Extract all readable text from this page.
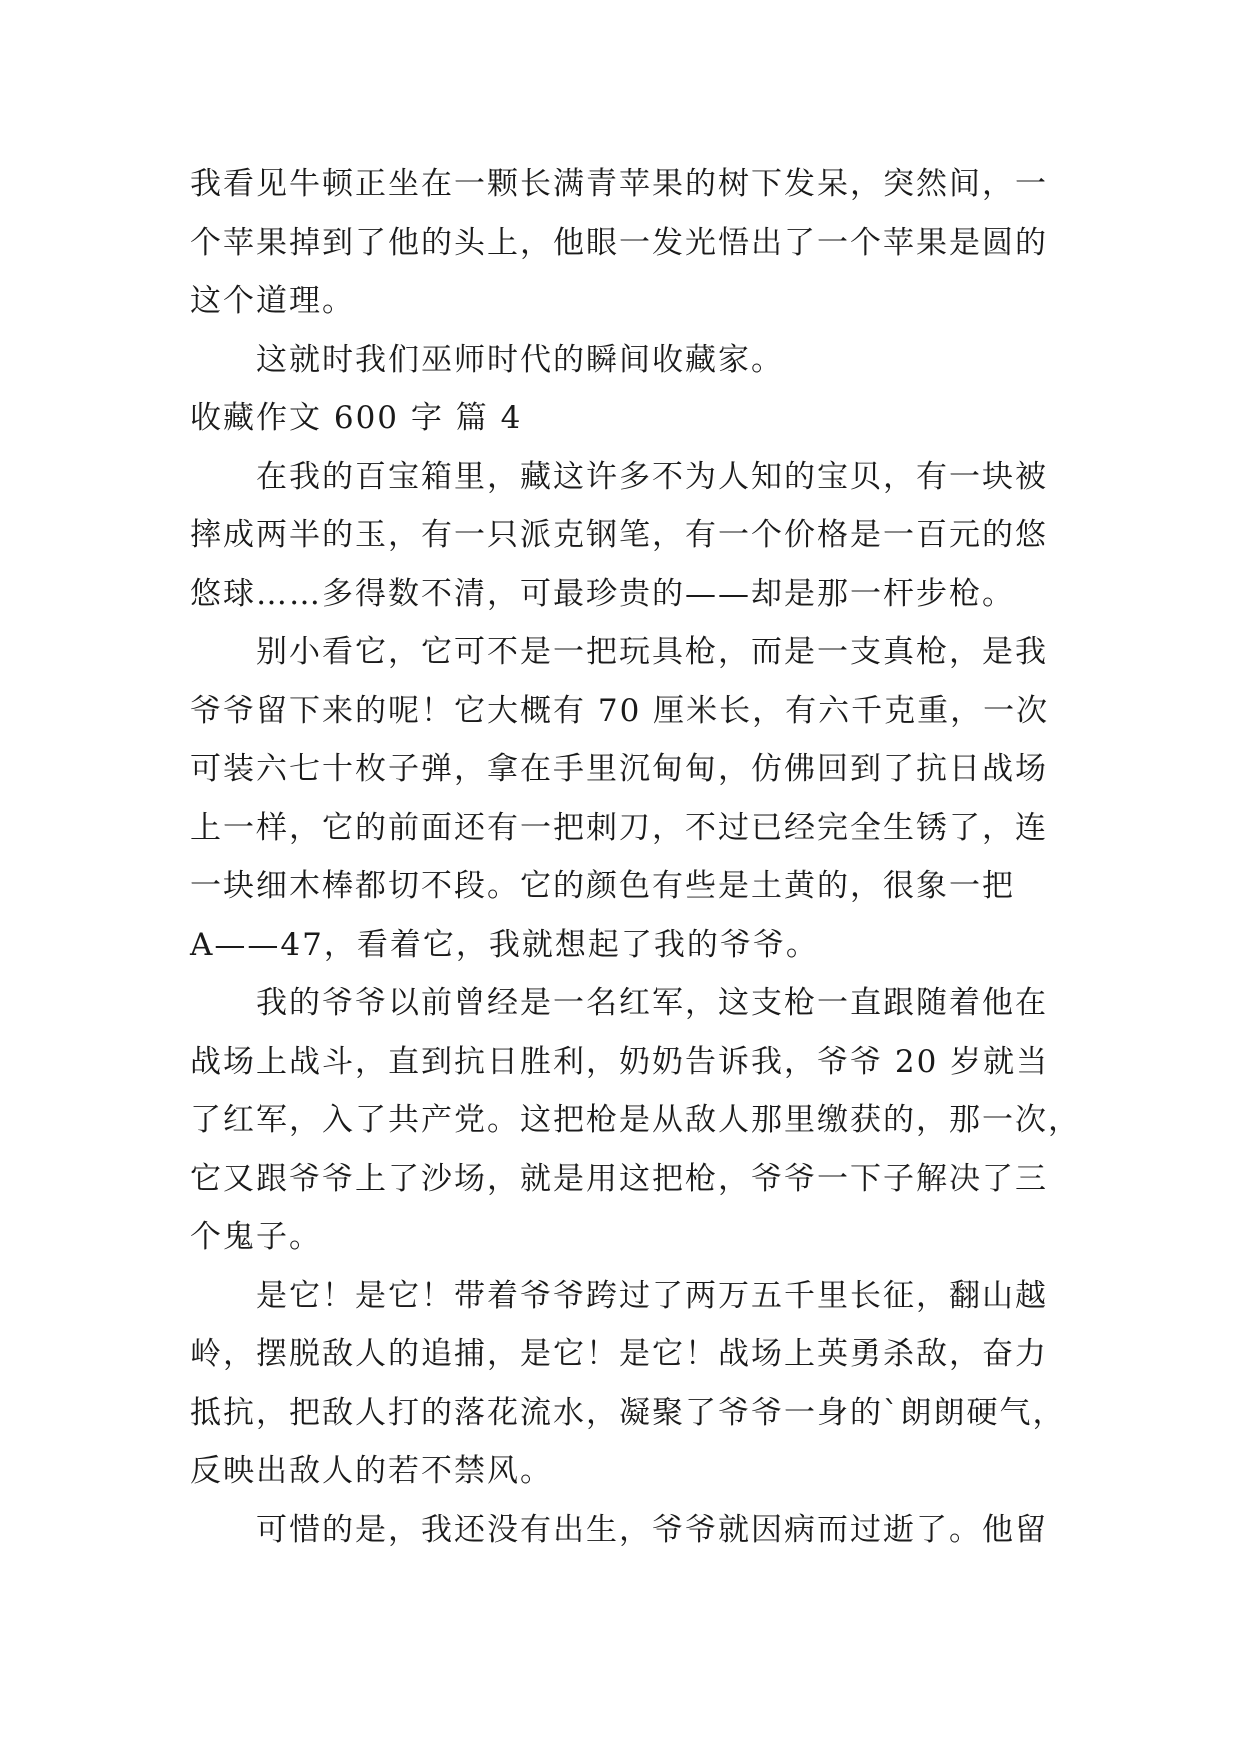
我看见牛顿正坐在一颗长满青苹果的树下发呆，突然间，一
个苹果掉到了他的头上，他眼一发光悟出了一个苹果是圆的
这个道理。

这就时我们巫师时代的瞬间收藏家。

收藏作文 600 字 篇 4

在我的百宝箱里，藏这许多不为人知的宝贝，有一块被
摔成两半的玉，有一只派克钢笔，有一个价格是一百元的悠
悠球……多得数不清，可最珍贵的——却是那一杆步枪。

别小看它，它可不是一把玩具枪，而是一支真枪，是我
爷爷留下来的呢！它大概有 70 厘米长，有六千克重，一次
可装六七十枚子弹，拿在手里沉甸甸，仿佛回到了抗日战场
上一样，它的前面还有一把刺刀，不过已经完全生锈了，连
一块细木棒都切不段。它的颜色有些是土黄的，很象一把
A——47，看着它，我就想起了我的爷爷。

我的爷爷以前曾经是一名红军，这支枪一直跟随着他在
战场上战斗，直到抗日胜利，奶奶告诉我，爷爷 20 岁就当
了红军，入了共产党。这把枪是从敌人那里缴获的，那一次，
它又跟爷爷上了沙场，就是用这把枪，爷爷一下子解决了三
个鬼子。

是它！是它！带着爷爷跨过了两万五千里长征，翻山越
岭，摆脱敌人的追捕，是它！是它！战场上英勇杀敌，奋力
抵抗，把敌人打的落花流水，凝聚了爷爷一身的`朗朗硬气，
反映出敌人的若不禁风。

可惜的是，我还没有出生，爷爷就因病而过逝了。他留
